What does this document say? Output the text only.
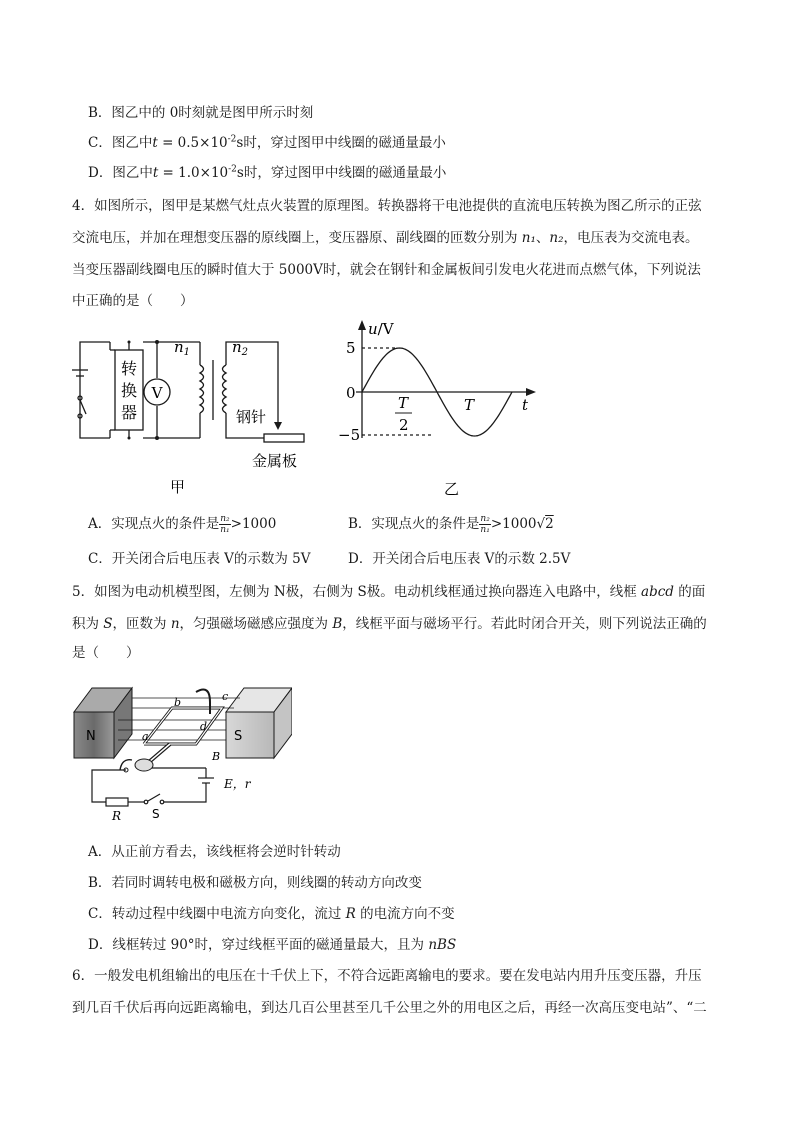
B．图乙中的 0时刻就是图甲所示时刻
C．图乙中$t = 0.5\times 10^{-2}s$时，穿过图甲中线圈的磁通量最小
D．图乙中$t = 1.0\times 10^{-2}s$时，穿过图甲中线圈的磁通量最小
4．如图所示，图甲是某燃气灶点火装置的原理图。转换器将干电池提供的直流电压转换为图乙所示的正弦
交流电压，并加在理想变压器的原线圈上，变压器原、副线圈的匝数分别为 n₁、n₂，电压表为交流电表。
当变压器副线圈电压的瞬时值大于 5000V时，就会在钢针和金属板间引发电火花进而点燃气体，下列说法
中正确的是（　　）
转
换
器
V
$n_1$	$n_2$
钢针
金属板
甲
u/V
5
0
−5
T
2
T	t
乙
A．实现点火的条件是 $\frac{\text{n₂}}{\text{n₁}} >1000$	B．实现点火的条件是 $\frac{\text{n₂}}{\text{n₁}} >1000√2$
C．开关闭合后电压表 V的示数为 5V	D．开关闭合后电压表 V的示数 2.5V
5．如图为电动机模型图，左侧为 N极，右侧为 S极。电动机线框通过换向器连入电路中，线框 abcd 的面
积为 S，匝数为 n，匀强磁场磁感应强度为 B，线框平面与磁场平行。若此时闭合开关，则下列说法正确的
是（　　）
N	S
b	c
a
d
B
E，r
R	S
A．从正前方看去，该线框将会逆时针转动
B．若同时调转电极和磁极方向，则线圈的转动方向改变
C．转动过程中线圈中电流方向变化，流过 R 的电流方向不变
D．线框转过 90°时，穿过线框平面的磁通量最大，且为 nBS
6．一般发电机组输出的电压在十千伏上下，不符合远距离输电的要求。要在发电站内用升压变压器，升压
到几百千伏后再向远距离输电，到达几百公里甚至几千公里之外的用电区之后，再经一次高压变电站”、“二
